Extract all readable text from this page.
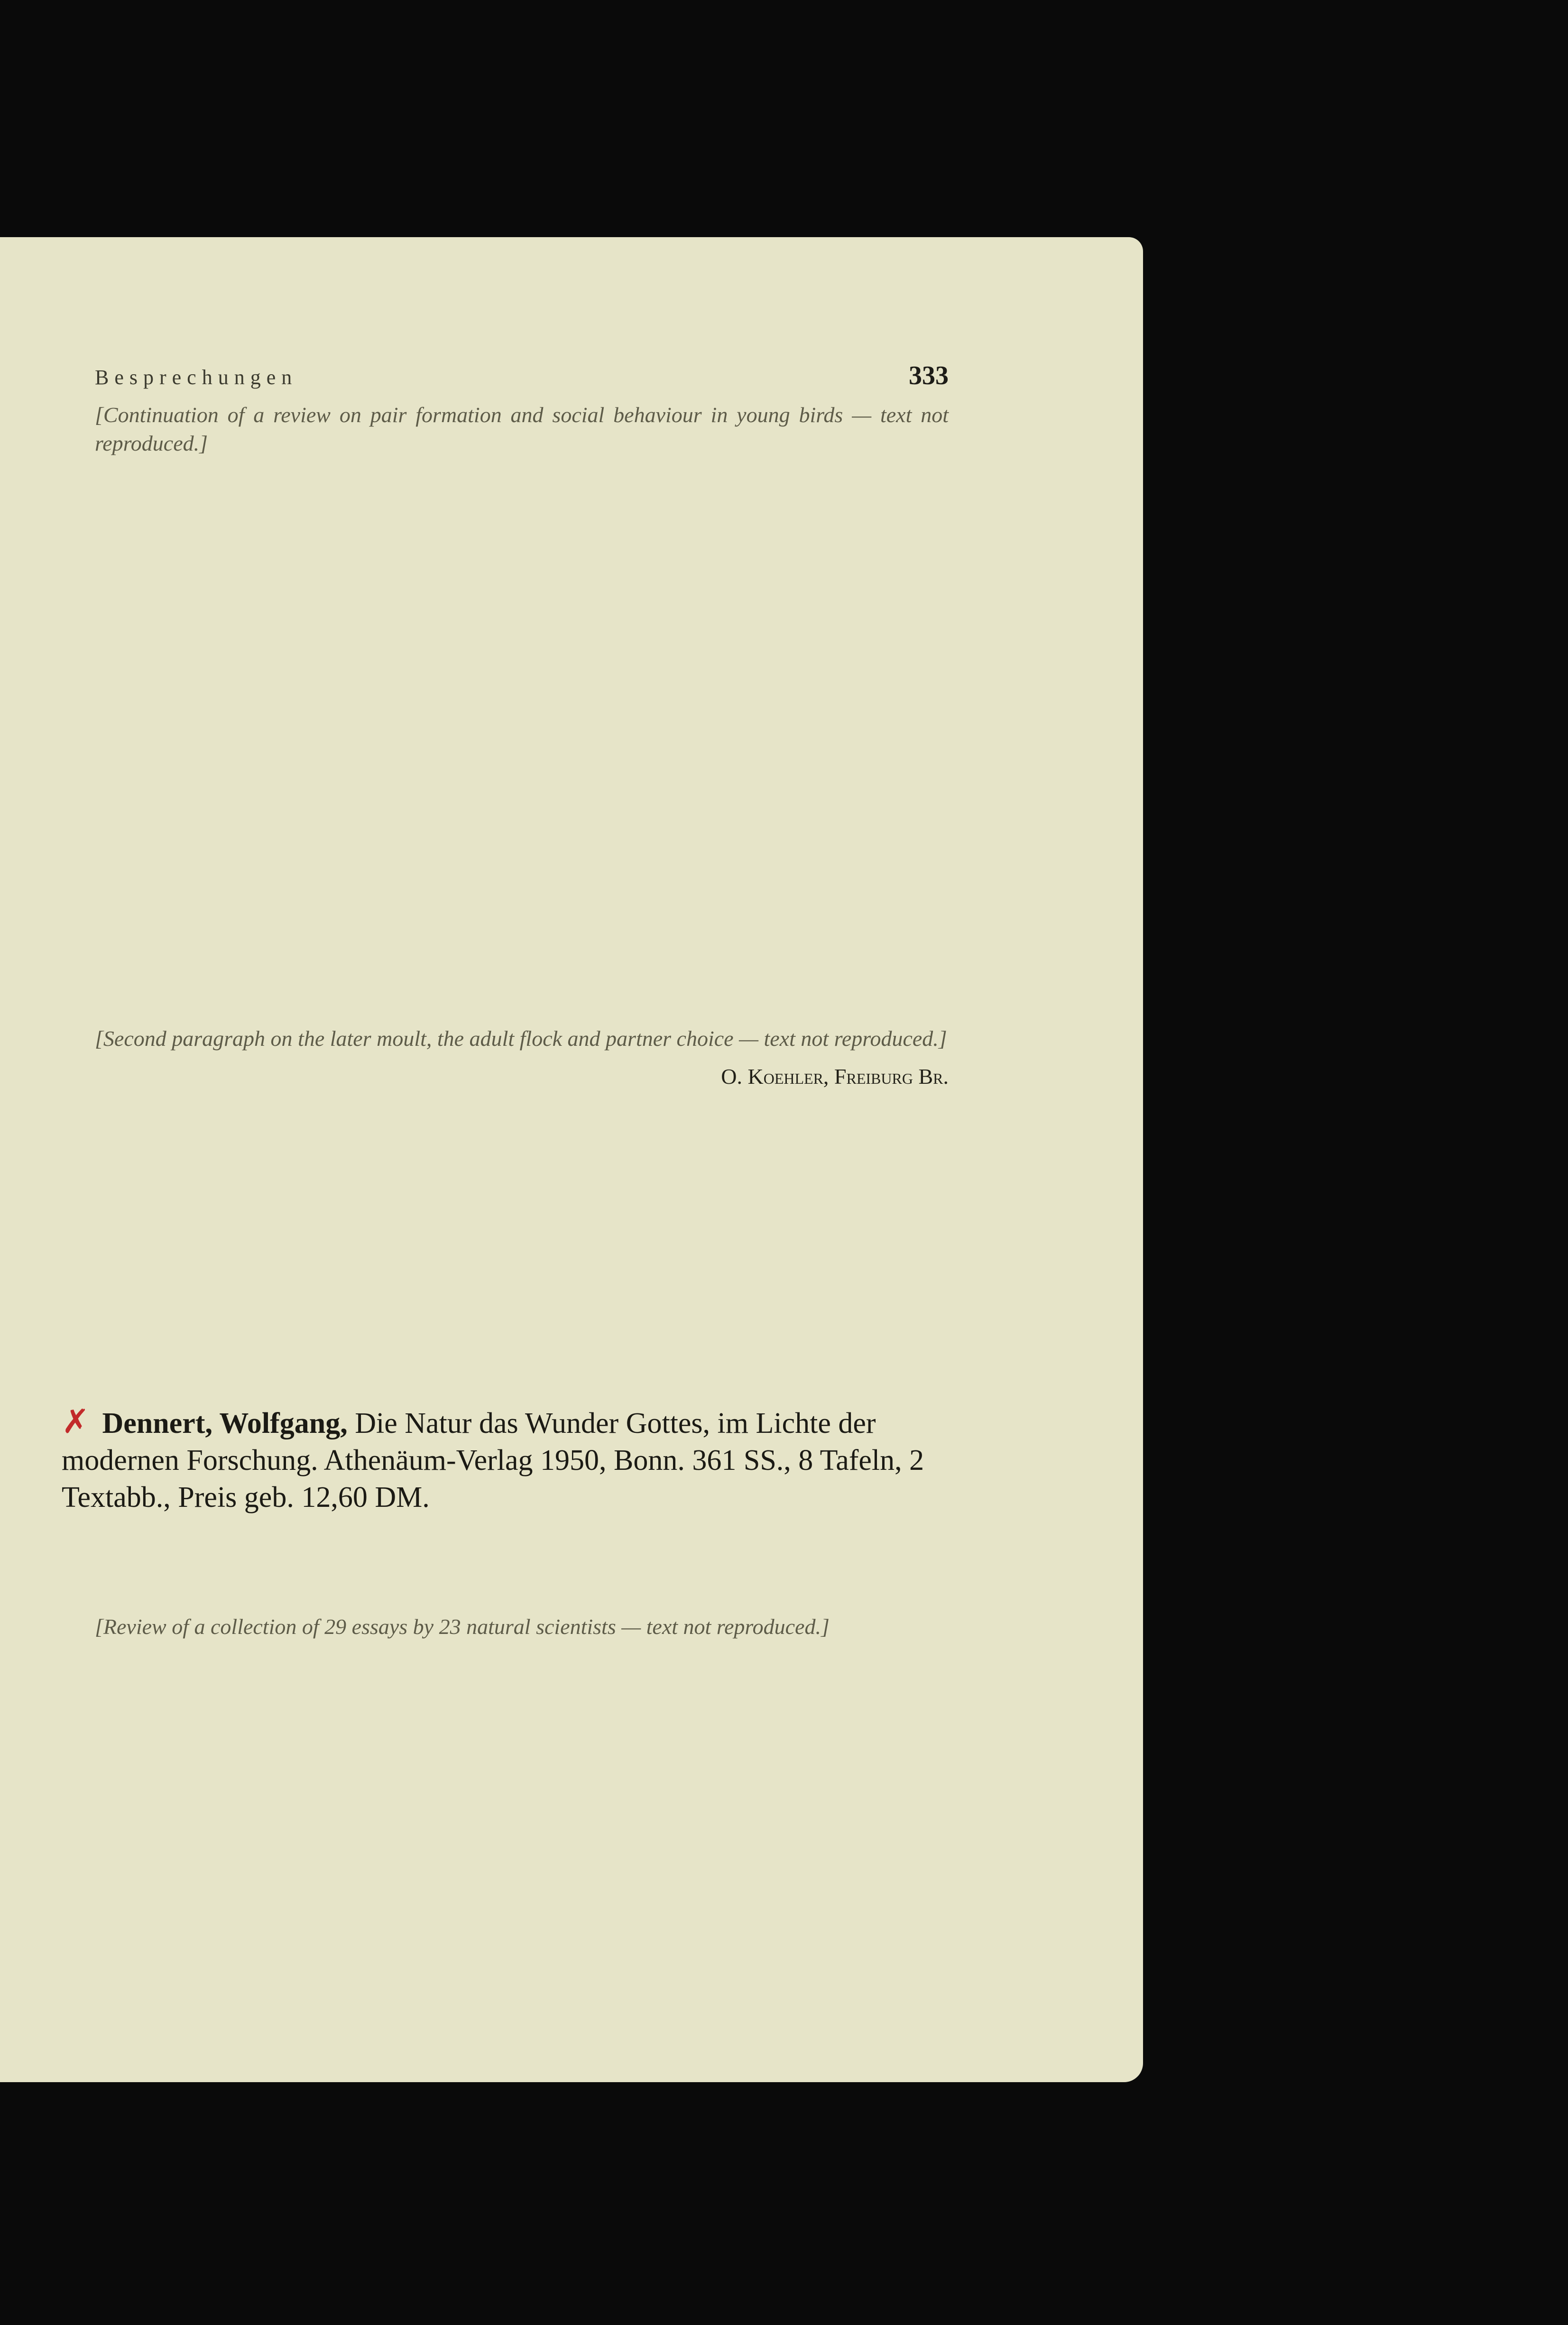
Besprechungen	333

[Continuation of a review on pair formation and social behaviour in young birds — text not reproduced.]

[Second paragraph on the later moult, the adult flock and partner choice — text not reproduced.]

O. Koehler, Freiburg Br.

✗ Dennert, Wolfgang, Die Natur das Wunder Gottes, im Lichte der modernen Forschung. Athenäum-Verlag 1950, Bonn. 361 SS., 8 Tafeln, 2 Textabb., Preis geb. 12,60 DM.

[Review of a collection of 29 essays by 23 natural scientists — text not reproduced.]
